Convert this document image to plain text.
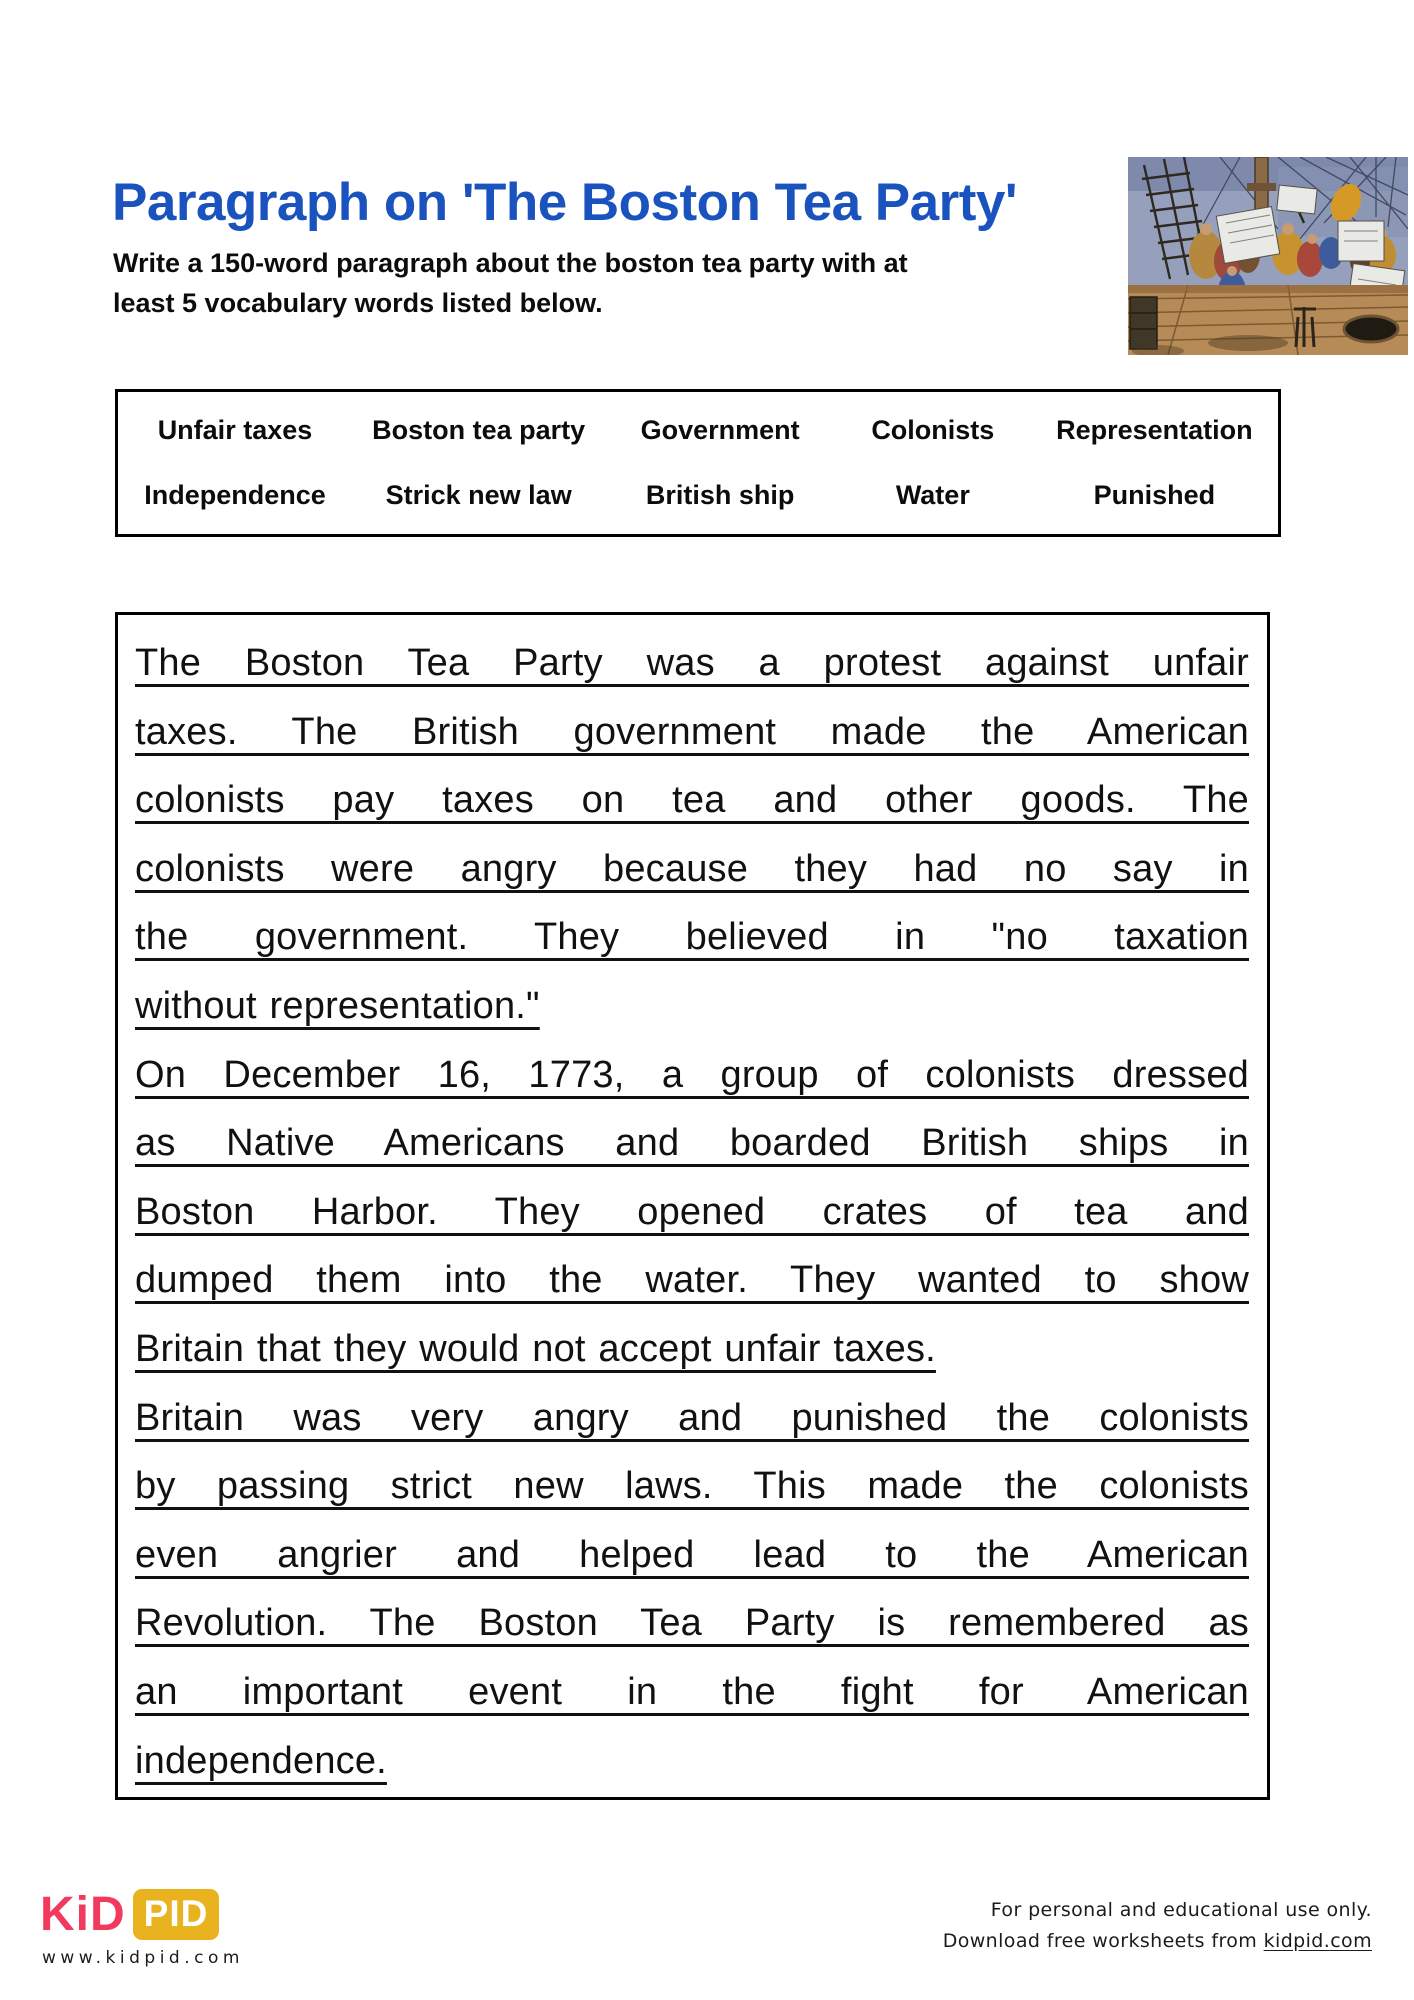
Paragraph on 'The Boston Tea Party'
Write a 150-word paragraph about the boston tea party with at
least 5 vocabulary words listed below.
Unfair taxes	Boston tea party	Government	Colonists	Representation
Independence	Strick new law	British ship	Water	Punished
The Boston Tea Party was a protest against unfair
taxes. The British government made the American
colonists pay taxes on tea and other goods. The
colonists were angry because they had no say in
the government. They believed in "no taxation
without representation."
On December 16, 1773, a group of colonists dressed
as Native Americans and boarded British ships in
Boston Harbor. They opened crates of tea and
dumped them into the water. They wanted to show
Britain that they would not accept unfair taxes.
Britain was very angry and punished the colonists
by passing strict new laws. This made the colonists
even angrier and helped lead to the American
Revolution. The Boston Tea Party is remembered as
an important event in the fight for American
independence.
KiD PID
www.kidpid.com
For personal and educational use only.
Download free worksheets from kidpid.com
